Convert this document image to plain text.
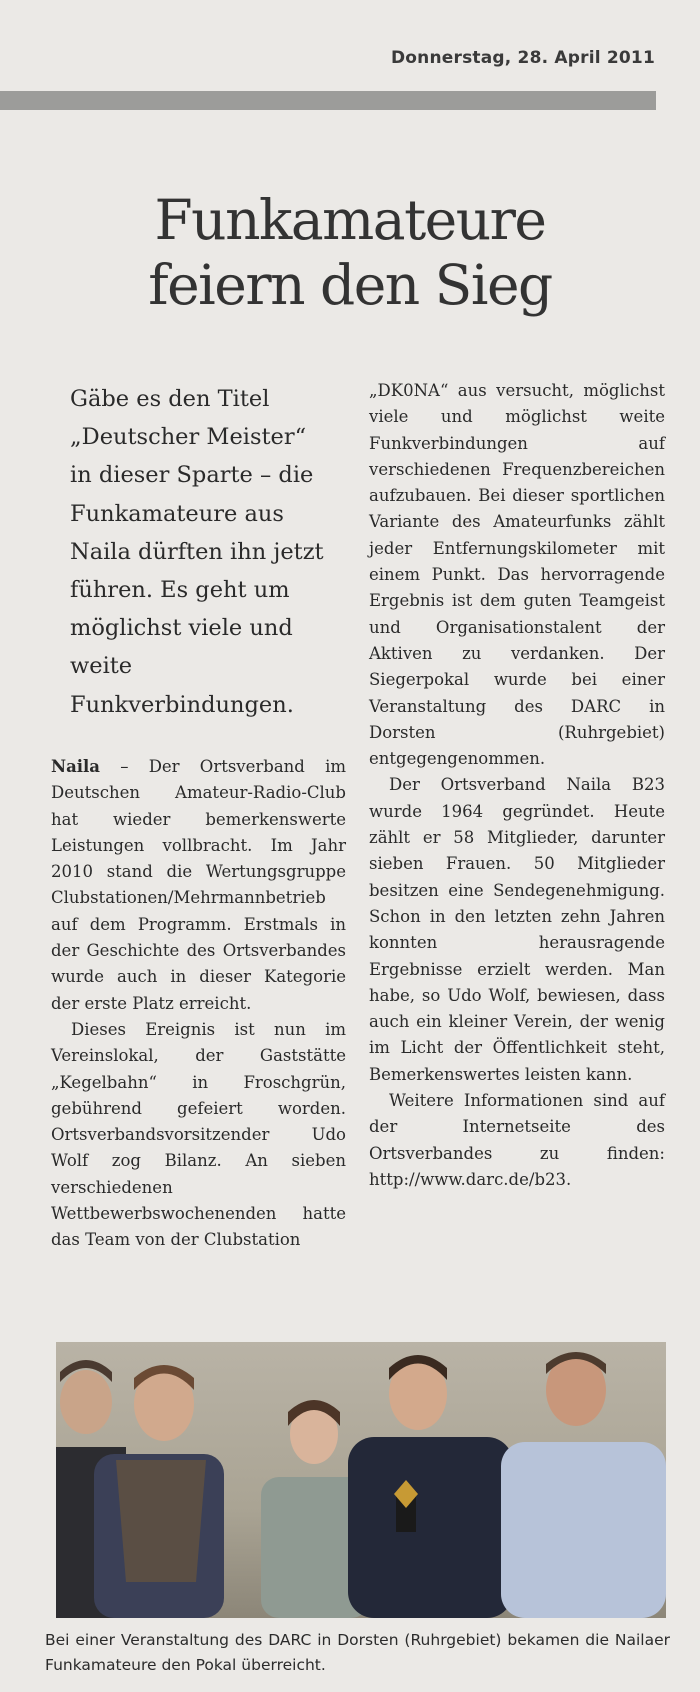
Donnerstag, 28. April 2011
Funkamateure
feiern den Sieg
Gäbe es den Titel „Deutscher Meister“ in dieser Sparte – die Funkamateure aus Naila dürften ihn jetzt führen. Es geht um möglichst viele und weite Funkverbindungen.

Naila – Der Ortsverband im Deutschen Amateur-Radio-Club hat wieder bemerkenswerte Leistungen vollbracht. Im Jahr 2010 stand die Wertungsgruppe Clubstationen/Mehrmannbetrieb auf dem Programm. Erstmals in der Geschichte des Ortsverbandes wurde auch in dieser Kategorie der erste Platz erreicht.

Dieses Ereignis ist nun im Vereinslokal, der Gaststätte „Kegelbahn“ in Froschgrün, gebührend gefeiert worden. Ortsverbandsvorsitzender Udo Wolf zog Bilanz. An sieben verschiedenen Wettbewerbswochenenden hatte das Team von der Clubstation

„DK0NA“ aus versucht, möglichst viele und möglichst weite Funkverbindungen auf verschiedenen Frequenzbereichen aufzubauen. Bei dieser sportlichen Variante des Amateurfunks zählt jeder Entfernungskilometer mit einem Punkt. Das hervorragende Ergebnis ist dem guten Teamgeist und Organisationstalent der Aktiven zu verdanken. Der Siegerpokal wurde bei einer Veranstaltung des DARC in Dorsten (Ruhrgebiet) entgegengenommen.

Der Ortsverband Naila B23 wurde 1964 gegründet. Heute zählt er 58 Mitglieder, darunter sieben Frauen. 50 Mitglieder besitzen eine Sendegenehmigung. Schon in den letzten zehn Jahren konnten herausragende Ergebnisse erzielt werden. Man habe, so Udo Wolf, bewiesen, dass auch ein kleiner Verein, der wenig im Licht der Öffentlichkeit steht, Bemerkenswertes leisten kann.

Weitere Informationen sind auf der Internetseite des Ortsverbandes zu finden: http://www.darc.de/b23.

Bei einer Veranstaltung des DARC in Dorsten (Ruhrgebiet) bekamen die Nailaer Funkamateure den Pokal überreicht.
